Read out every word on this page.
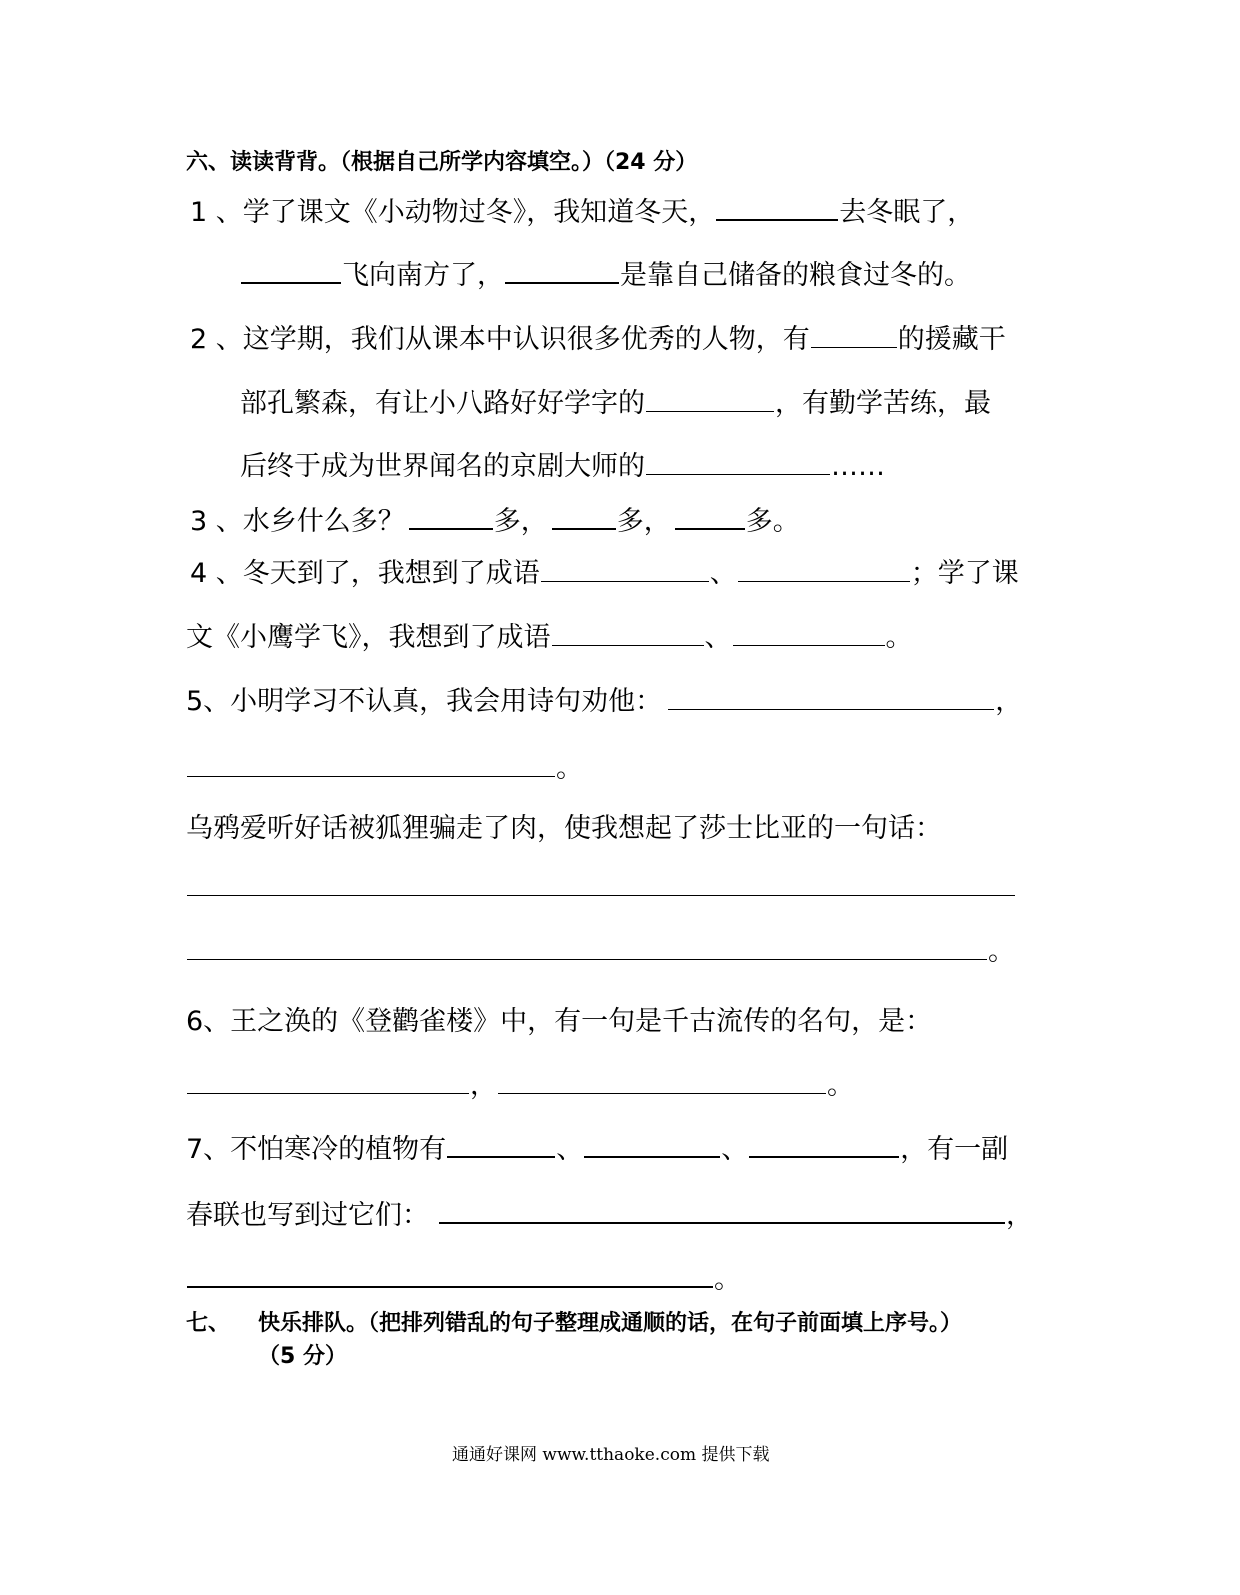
六、读读背背。（根据自己所学内容填空。）（24 分）
1 、学了课文《小动物过冬》，我知道冬天，	去冬眠了，
飞向南方了，	是靠自己储备的粮食过冬的。
2 、这学期，我们从课本中认识很多优秀的人物，有	的援藏干
部孔繁森，有让小八路好好学字的	，有勤学苦练，最
后终于成为世界闻名的京剧大师的	……
3 、水乡什么多？	多，	多，	多。
4 、冬天到了，我想到了成语	、	；学了课
文《小鹰学飞》，我想到了成语	、	。
5、小明学习不认真，我会用诗句劝他：	，
。
乌鸦爱听好话被狐狸骗走了肉，使我想起了莎士比亚的一句话：
。
6、王之涣的《登鹳雀楼》中，有一句是千古流传的名句，是：
，	。
7、不怕寒冷的植物有	、	、	，有一副
春联也写到过它们：	，
。
七、 快乐排队。（把排列错乱的句子整理成通顺的话，在句子前面填上序号。）
（5 分）
通通好课网 www.tthaoke.com 提供下载
